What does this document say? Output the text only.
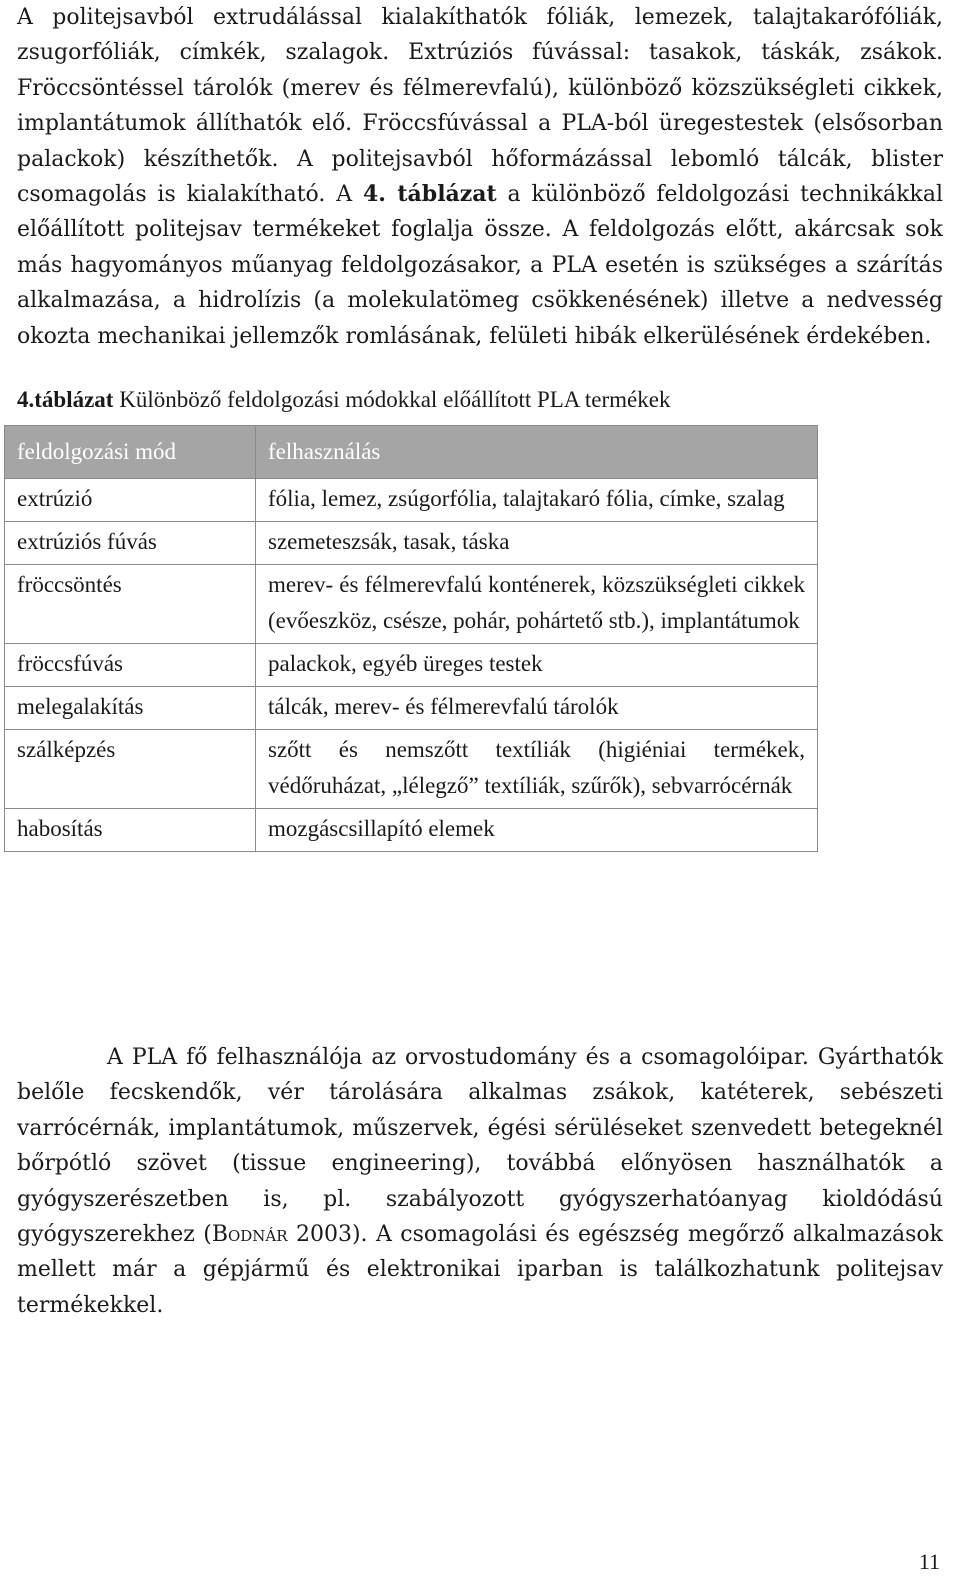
A politejsavból extrudálással kialakíthatók fóliák, lemezek, talajtakarófóliák, zsugorfóliák, címkék, szalagok. Extrúziós fúvással: tasakok, táskák, zsákok. Fröccsöntéssel tárolók (merev és félmerevfalú), különböző közszükségleti cikkek, implantátumok állíthatók elő. Fröccsfúvással a PLA-ból üregestestek (elsősorban palackok) készíthetők. A politejsavból hőformázással lebomló tálcák, blister csomagolás is kialakítható. A 4. táblázat a különböző feldolgozási technikákkal előállított politejsav termékeket foglalja össze. A feldolgozás előtt, akárcsak sok más hagyományos műanyag feldolgozásakor, a PLA esetén is szükséges a szárítás alkalmazása, a hidrolízis (a molekulatömeg csökkenésének) illetve a nedvesség okozta mechanikai jellemzők romlásának, felületi hibák elkerülésének érdekében.

4.táblázat Különböző feldolgozási módokkal előállított PLA termékek

feldolgozási mód	felhasználás
extrúzió	fólia, lemez, zsúgorfólia, talajtakaró fólia, címke, szalag
extrúziós fúvás	szemeteszsák, tasak, táska
fröccsöntés	merev- és félmerevfalú konténerek, közszükségleti cikkek (evőeszköz, csésze, pohár, pohártető stb.), implantátumok
fröccsfúvás	palackok, egyéb üreges testek
melegalakítás	tálcák, merev- és félmerevfalú tárolók
szálképzés	szőtt és nemszőtt textíliák (higiéniai termékek, védőruházat, „lélegző” textíliák, szűrők), sebvarrócérnák
habosítás	mozgáscsillapító elemek

A PLA fő felhasználója az orvostudomány és a csomagolóipar. Gyárthatók belőle fecskendők, vér tárolására alkalmas zsákok, katéterek, sebészeti varrócérnák, implantátumok, műszervek, égési sérüléseket szenvedett betegeknél bőrpótló szövet (tissue engineering), továbbá előnyösen használhatók a gyógyszerészetben is, pl. szabályozott gyógyszerhatóanyag kioldódású gyógyszerekhez (Bodnár 2003). A csomagolási és egészség megőrző alkalmazások mellett már a gépjármű és elektronikai iparban is találkozhatunk politejsav termékekkel.

11
